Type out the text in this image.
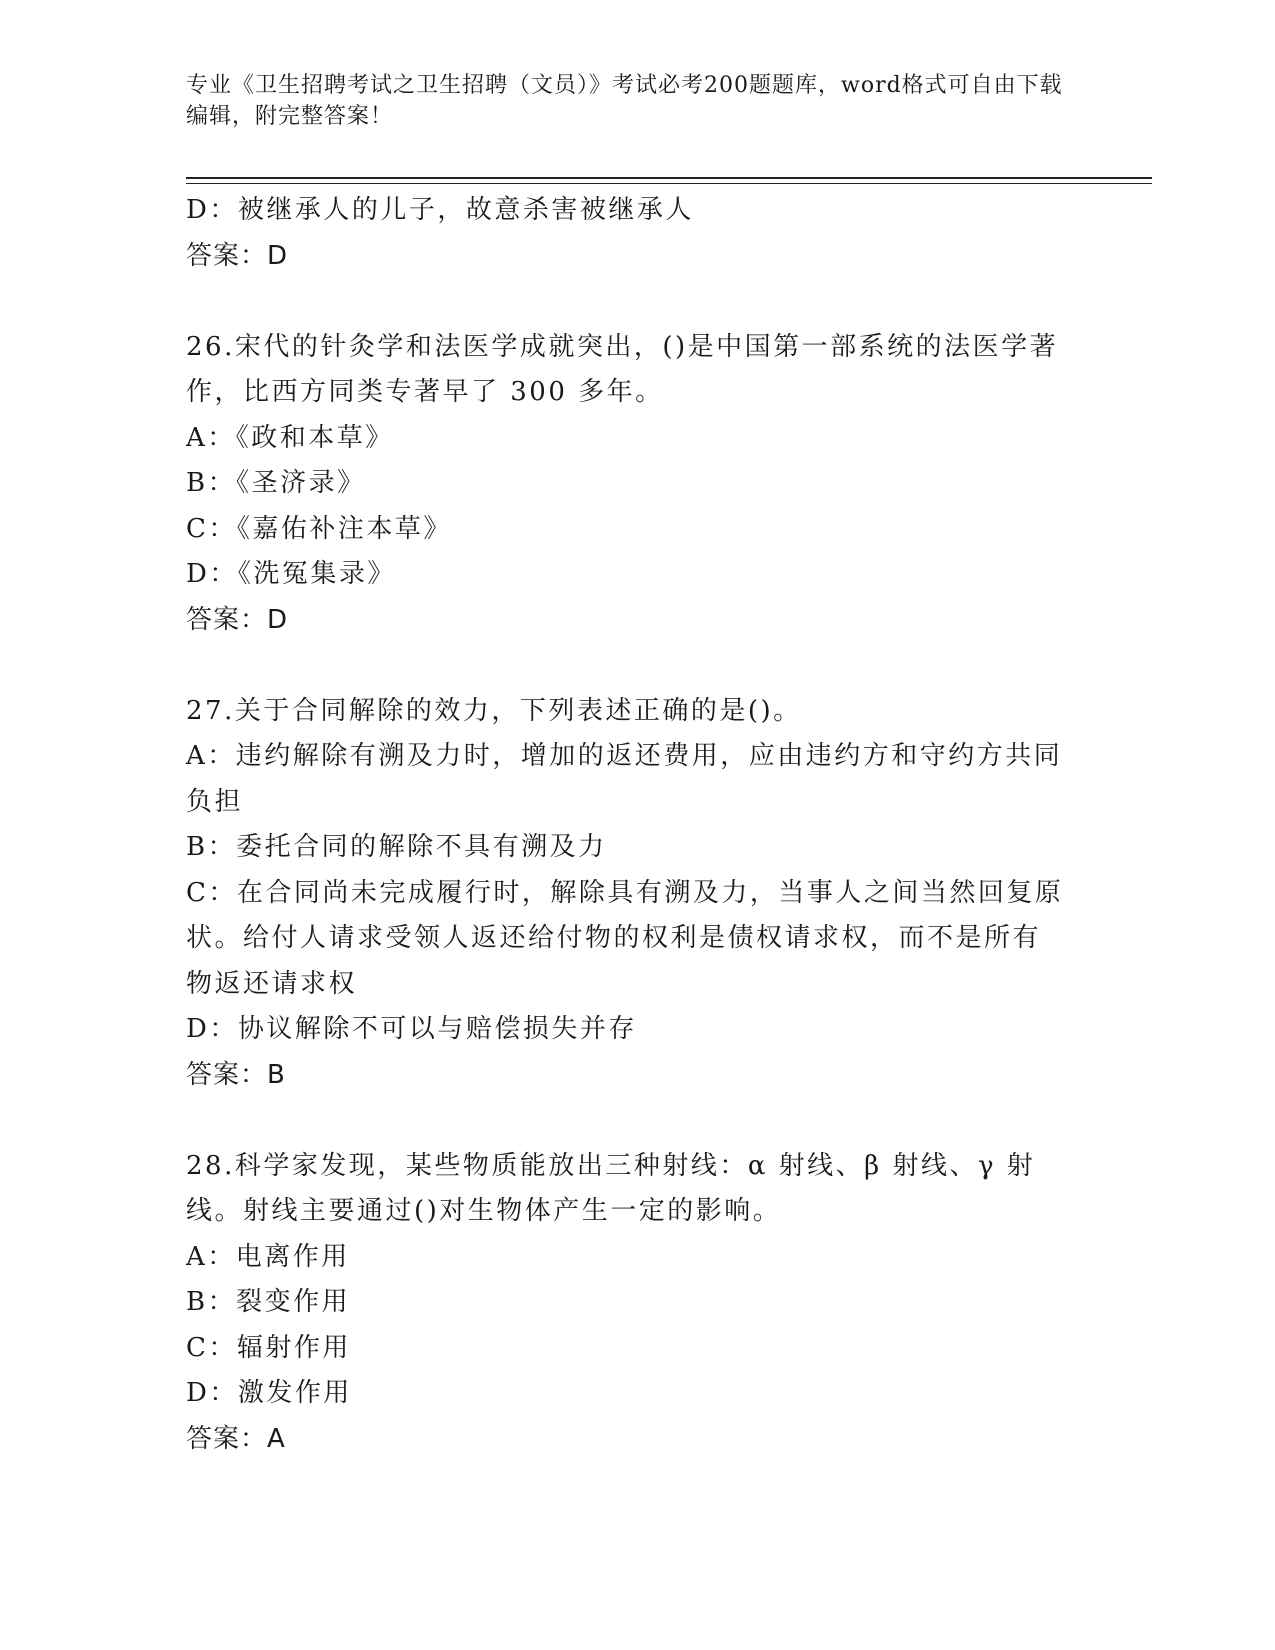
专业《卫生招聘考试之卫生招聘（文员）》考试必考200题题库，word格式可自由下载编辑，附完整答案！
D：被继承人的儿子，故意杀害被继承人
答案：D
26.宋代的针灸学和法医学成就突出，()是中国第一部系统的法医学著
作，比西方同类专著早了 300 多年。
A：《政和本草》
B：《圣济录》
C：《嘉佑补注本草》
D：《洗冤集录》
答案：D
27.关于合同解除的效力，下列表述正确的是()。
A：违约解除有溯及力时，增加的返还费用，应由违约方和守约方共同
负担
B：委托合同的解除不具有溯及力
C：在合同尚未完成履行时，解除具有溯及力，当事人之间当然回复原
状。给付人请求受领人返还给付物的权利是债权请求权，而不是所有
物返还请求权
D：协议解除不可以与赔偿损失并存
答案：B
28.科学家发现，某些物质能放出三种射线：α 射线、β 射线、γ 射
线。射线主要通过()对生物体产生一定的影响。
A：电离作用
B：裂变作用
C：辐射作用
D：激发作用
答案：A
